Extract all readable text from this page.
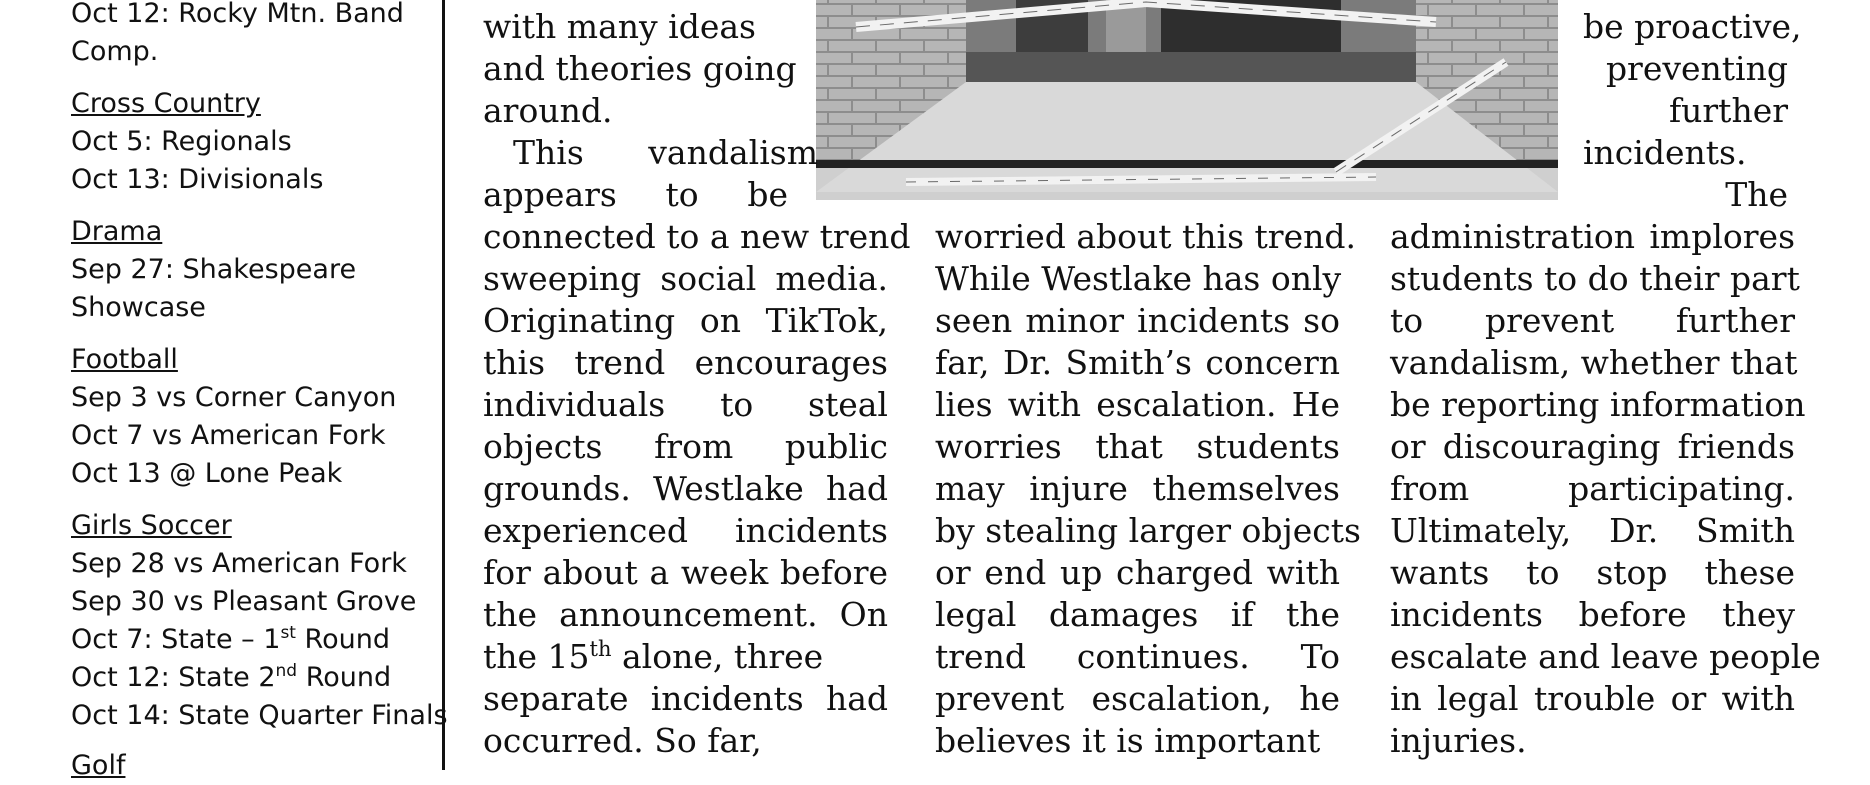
Oct 12: Rocky Mtn. Band
Comp.
Cross Country
Oct 5: Regionals
Oct 13: Divisionals
Drama
Sep 27: Shakespeare
Showcase
Football
Sep 3 vs Corner Canyon
Oct 7 vs American Fork
Oct 13 @ Lone Peak
Girls Soccer
Sep 28 vs American Fork
Sep 30 vs Pleasant Grove
Oct 7: State – 1st Round
Oct 12: State 2nd Round
Oct 14: State Quarter Finals
Golf
with many ideas
and theories going
around.
This vandalism
appears to be
connected to a new trend
sweeping social media.
Originating on TikTok,
this trend encourages
individuals to steal
objects from public
grounds. Westlake had
experienced incidents
for about a week before
the announcement. On
the 15th alone, three
separate incidents had
occurred. So far,
worried about this trend.
While Westlake has only
seen minor incidents so
far, Dr. Smith’s concern
lies with escalation. He
worries that students
may injure themselves
by stealing larger objects
or end up charged with
legal damages if the
trend continues. To
prevent escalation, he
believes it is important
be proactive,
preventing
further
incidents.
The
administration implores
students to do their part
to prevent further
vandalism, whether that
be reporting information
or discouraging friends
from participating.
Ultimately, Dr. Smith
wants to stop these
incidents before they
escalate and leave people
in legal trouble or with
injuries.
